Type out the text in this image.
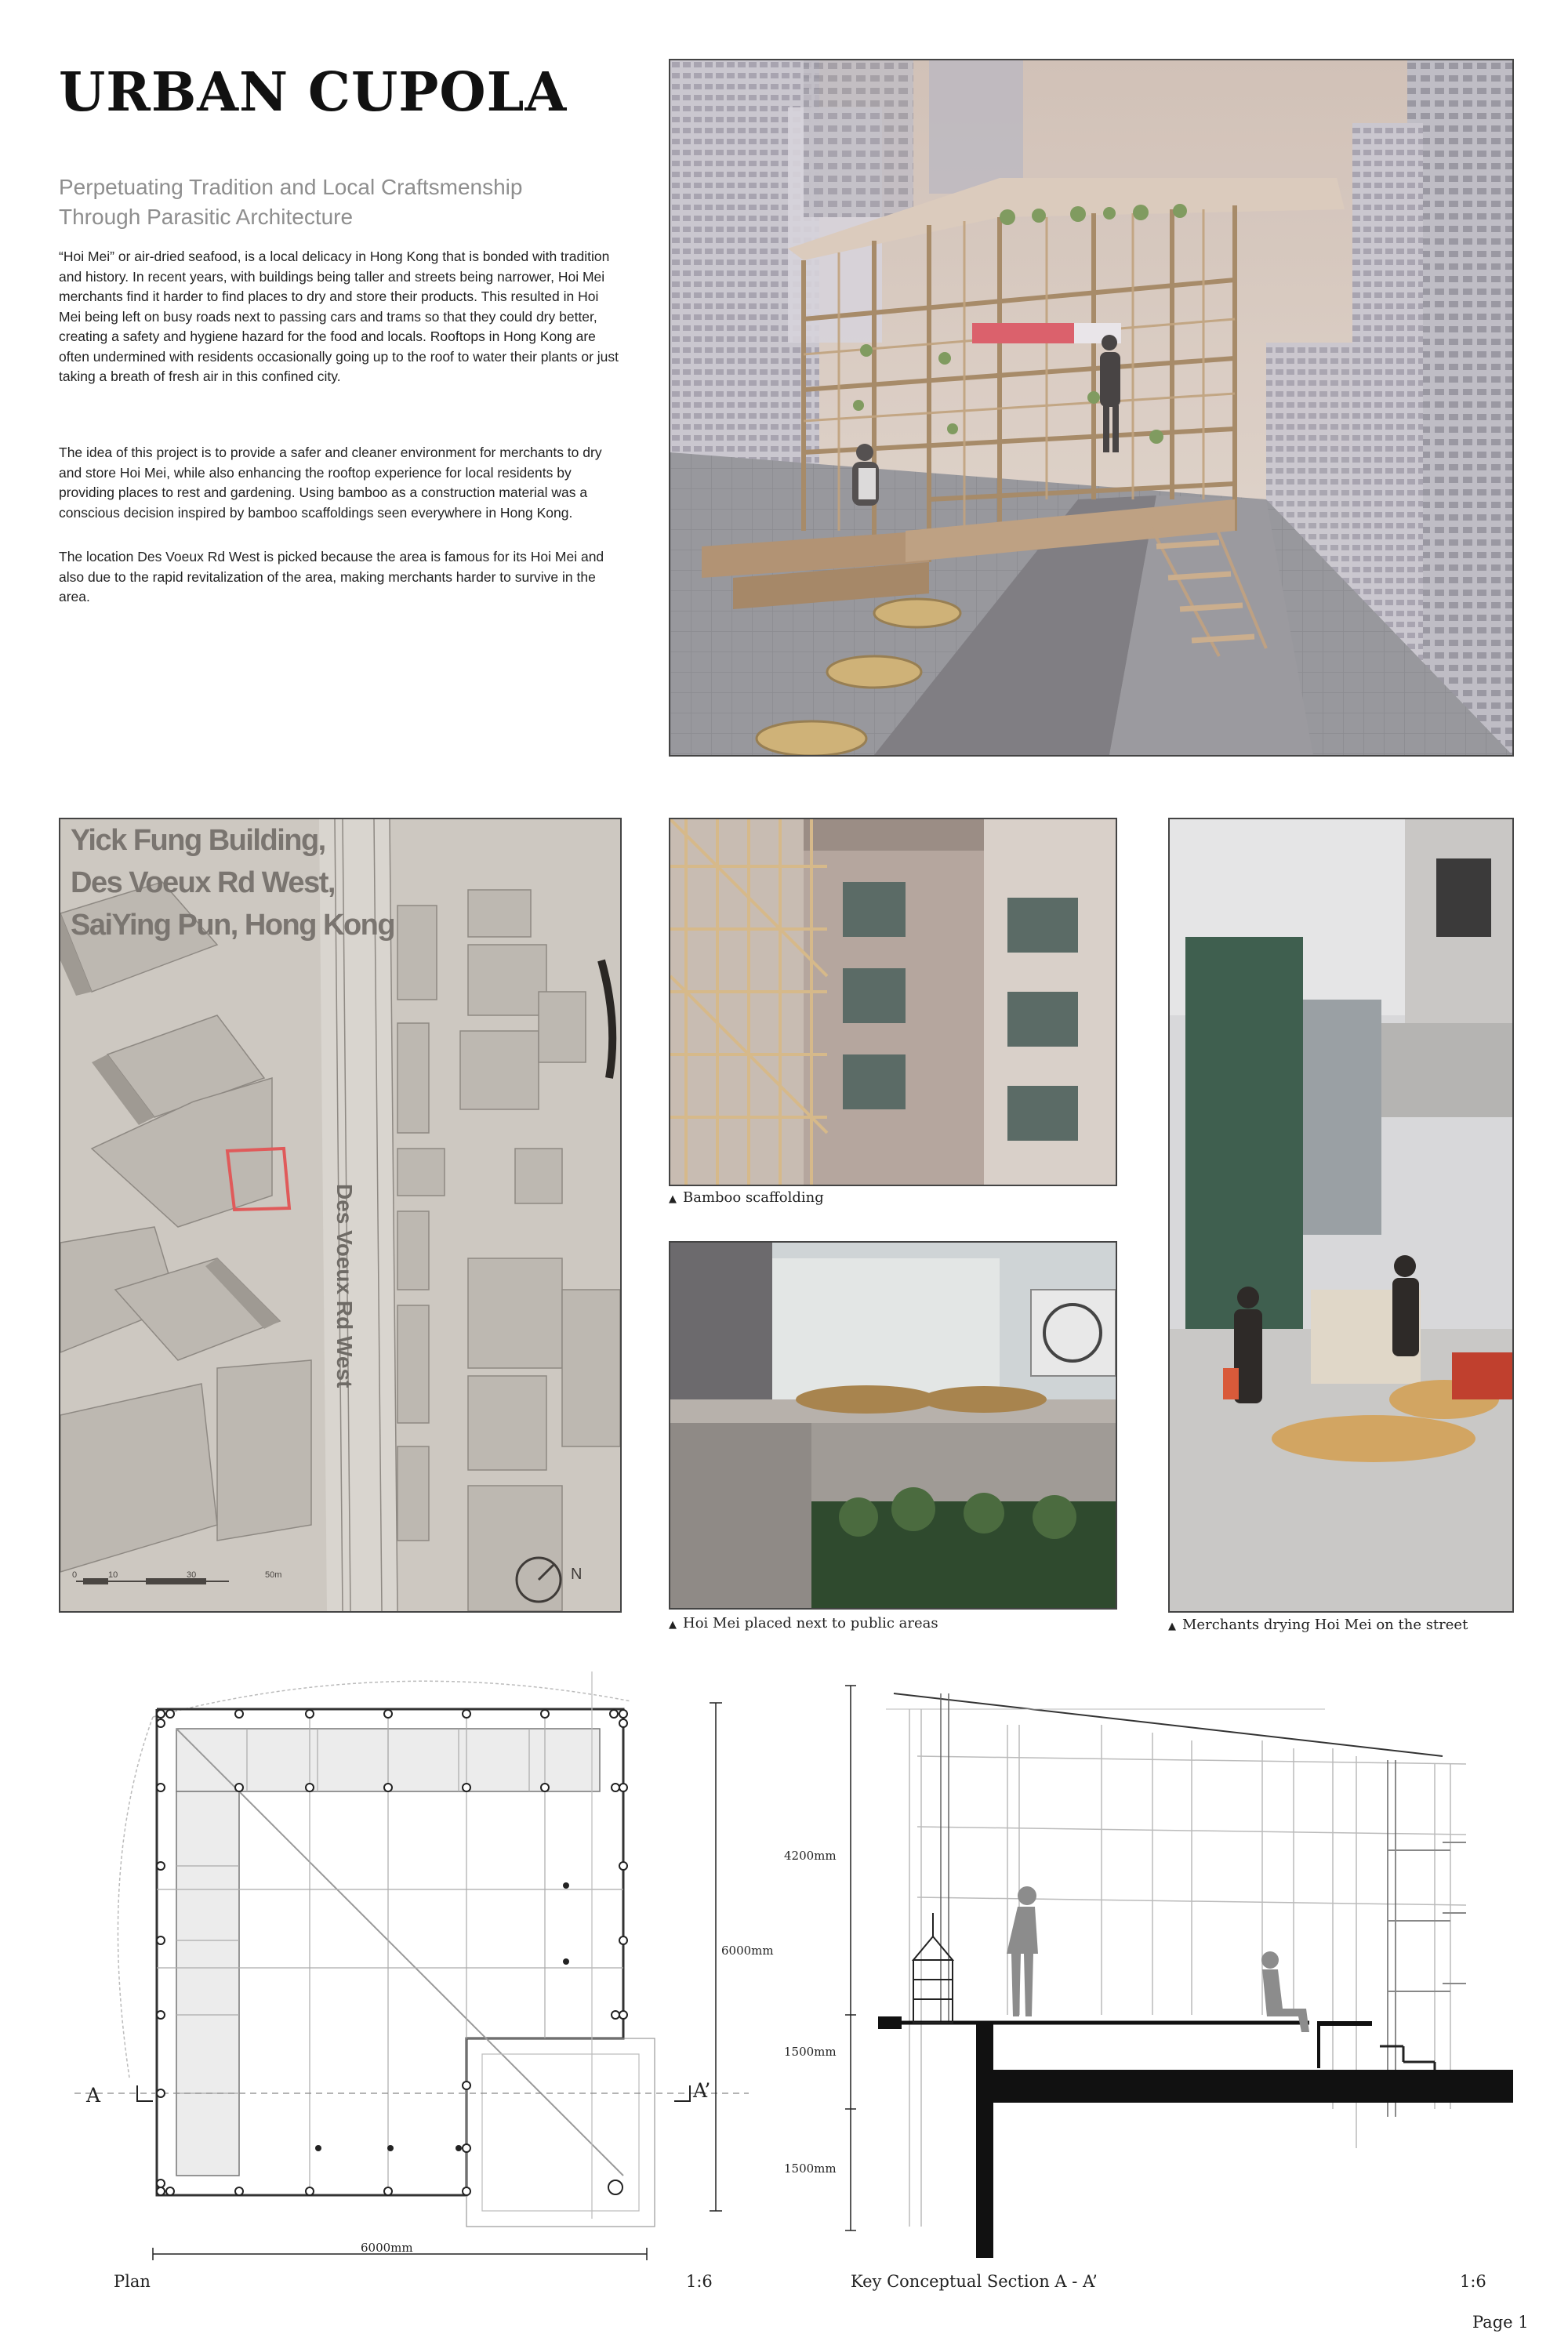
URBAN CUPOLA

Perpetuating Tradition and Local Craftsmenship Through Parasitic Architecture

“Hoi Mei” or air-dried seafood, is a local delicacy in Hong Kong that is bonded with tradition and history. In recent years, with buildings being taller and streets being narrower, Hoi Mei merchants find it harder to find places to dry and store their products. This resulted in Hoi Mei being left on busy roads next to passing cars and trams so that they could dry better, creating a safety and hygiene hazard for the food and locals. Rooftops in Hong Kong are often undermined with residents occasionally going up to the roof to water their plants or just taking a breath of fresh air in this confined city.

The idea of this project is to provide a safer and cleaner environment for merchants to dry and store Hoi Mei, while also enhancing the rooftop experience for local residents by providing places to rest and gardening. Using bamboo as a construction material was a conscious decision inspired by bamboo scaffoldings seen everywhere in Hong Kong.

The location Des Voeux Rd West is picked because the area is famous for its Hoi Mei and also due to the rapid revitalization of the area, making merchants harder to survive in the area.

Yick Fung Building,
Des Voeux Rd West,
SaiYing Pun, Hong Kong
Des Voeux Rd West
0	10	30	50m	N
▲ Bamboo scaffolding
▲ Hoi Mei placed next to public areas	▲ Merchants drying Hoi Mei on the street
6000mm
6000mm
A	A’
Plan	1:6
4200mm
1500mm
1500mm
Key Conceptual Section A - A’	1:6
Page 1
